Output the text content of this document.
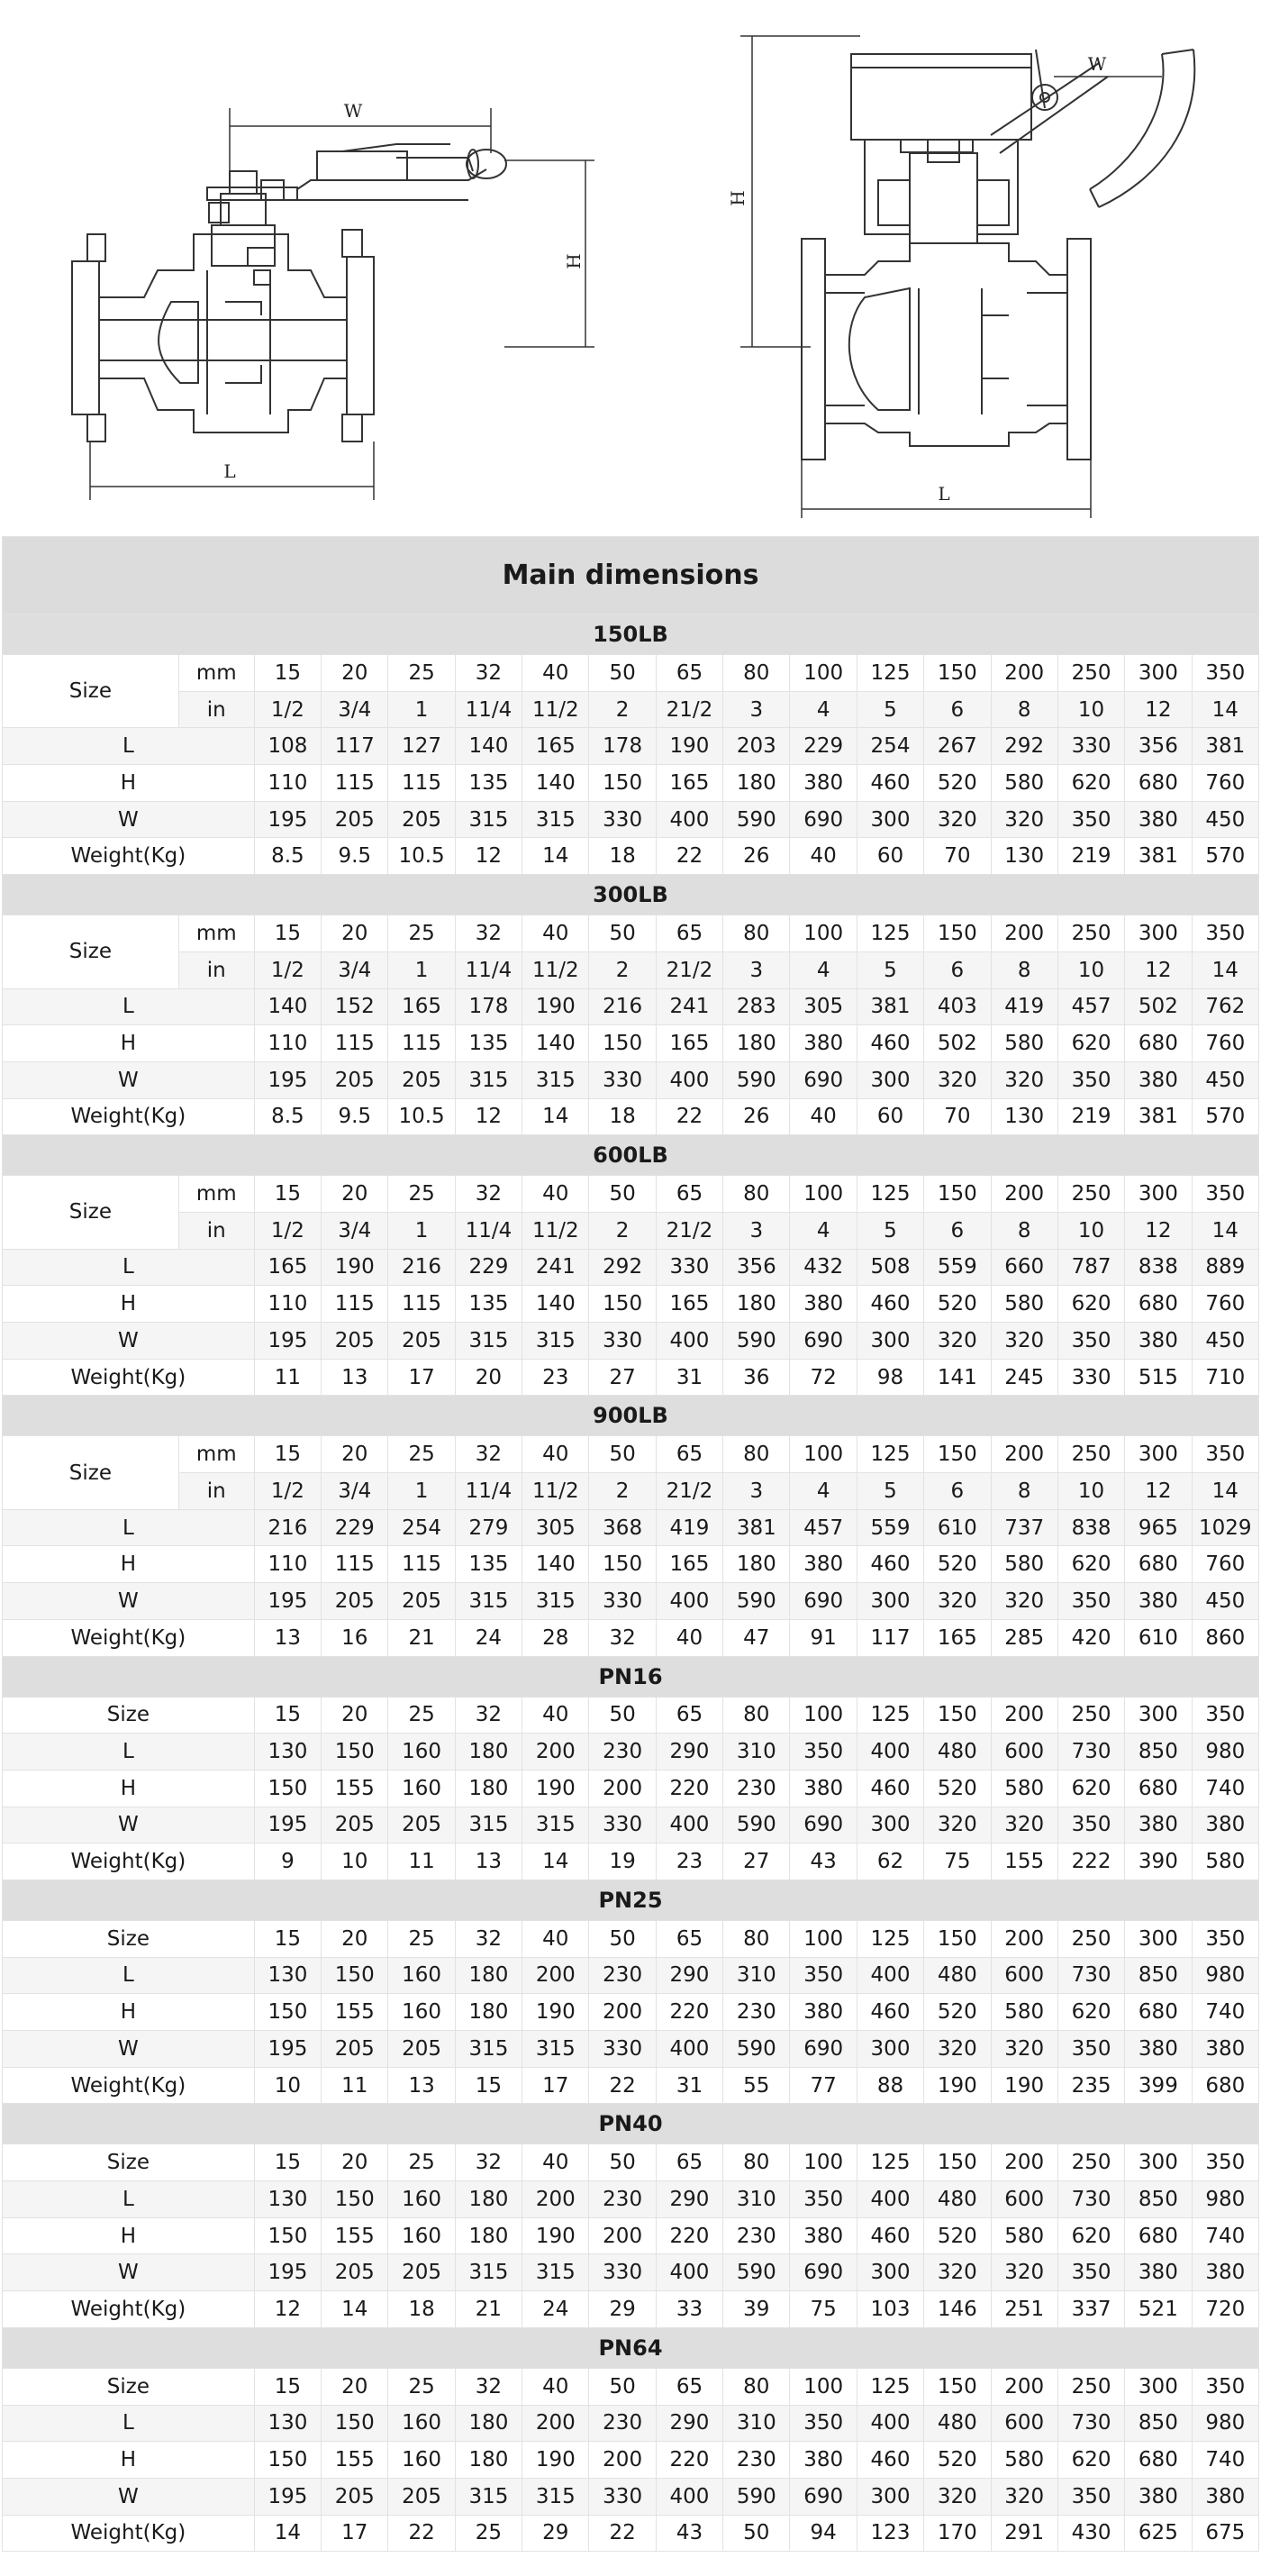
W
H
L
W
H
L
Main dimensions																
150LB																
Size	mm	15	20	25	32	40	50	65	80	100	125	150	200	250	300	350
	in	1/2	3/4	1	11/4	11/2	2	21/2	3	4	5	6	8	10	12	14
L		108	117	127	140	165	178	190	203	229	254	267	292	330	356	381
H		110	115	115	135	140	150	165	180	380	460	520	580	620	680	760
W		195	205	205	315	315	330	400	590	690	300	320	320	350	380	450
Weight(Kg)		8.5	9.5	10.5	12	14	18	22	26	40	60	70	130	219	381	570
300LB																
Size	mm	15	20	25	32	40	50	65	80	100	125	150	200	250	300	350
	in	1/2	3/4	1	11/4	11/2	2	21/2	3	4	5	6	8	10	12	14
L		140	152	165	178	190	216	241	283	305	381	403	419	457	502	762
H		110	115	115	135	140	150	165	180	380	460	502	580	620	680	760
W		195	205	205	315	315	330	400	590	690	300	320	320	350	380	450
Weight(Kg)		8.5	9.5	10.5	12	14	18	22	26	40	60	70	130	219	381	570
600LB																
Size	mm	15	20	25	32	40	50	65	80	100	125	150	200	250	300	350
	in	1/2	3/4	1	11/4	11/2	2	21/2	3	4	5	6	8	10	12	14
L		165	190	216	229	241	292	330	356	432	508	559	660	787	838	889
H		110	115	115	135	140	150	165	180	380	460	520	580	620	680	760
W		195	205	205	315	315	330	400	590	690	300	320	320	350	380	450
Weight(Kg)		11	13	17	20	23	27	31	36	72	98	141	245	330	515	710
900LB																
Size	mm	15	20	25	32	40	50	65	80	100	125	150	200	250	300	350
	in	1/2	3/4	1	11/4	11/2	2	21/2	3	4	5	6	8	10	12	14
L		216	229	254	279	305	368	419	381	457	559	610	737	838	965	1029
H		110	115	115	135	140	150	165	180	380	460	520	580	620	680	760
W		195	205	205	315	315	330	400	590	690	300	320	320	350	380	450
Weight(Kg)		13	16	21	24	28	32	40	47	91	117	165	285	420	610	860
PN16																
Size		15	20	25	32	40	50	65	80	100	125	150	200	250	300	350
L		130	150	160	180	200	230	290	310	350	400	480	600	730	850	980
H		150	155	160	180	190	200	220	230	380	460	520	580	620	680	740
W		195	205	205	315	315	330	400	590	690	300	320	320	350	380	380
Weight(Kg)		9	10	11	13	14	19	23	27	43	62	75	155	222	390	580
PN25																
Size		15	20	25	32	40	50	65	80	100	125	150	200	250	300	350
L		130	150	160	180	200	230	290	310	350	400	480	600	730	850	980
H		150	155	160	180	190	200	220	230	380	460	520	580	620	680	740
W		195	205	205	315	315	330	400	590	690	300	320	320	350	380	380
Weight(Kg)		10	11	13	15	17	22	31	55	77	88	190	190	235	399	680
PN40																
Size		15	20	25	32	40	50	65	80	100	125	150	200	250	300	350
L		130	150	160	180	200	230	290	310	350	400	480	600	730	850	980
H		150	155	160	180	190	200	220	230	380	460	520	580	620	680	740
W		195	205	205	315	315	330	400	590	690	300	320	320	350	380	380
Weight(Kg)		12	14	18	21	24	29	33	39	75	103	146	251	337	521	720
PN64																
Size		15	20	25	32	40	50	65	80	100	125	150	200	250	300	350
L		130	150	160	180	200	230	290	310	350	400	480	600	730	850	980
H		150	155	160	180	190	200	220	230	380	460	520	580	620	680	740
W		195	205	205	315	315	330	400	590	690	300	320	320	350	380	380
Weight(Kg)		14	17	22	25	29	22	43	50	94	123	170	291	430	625	675
